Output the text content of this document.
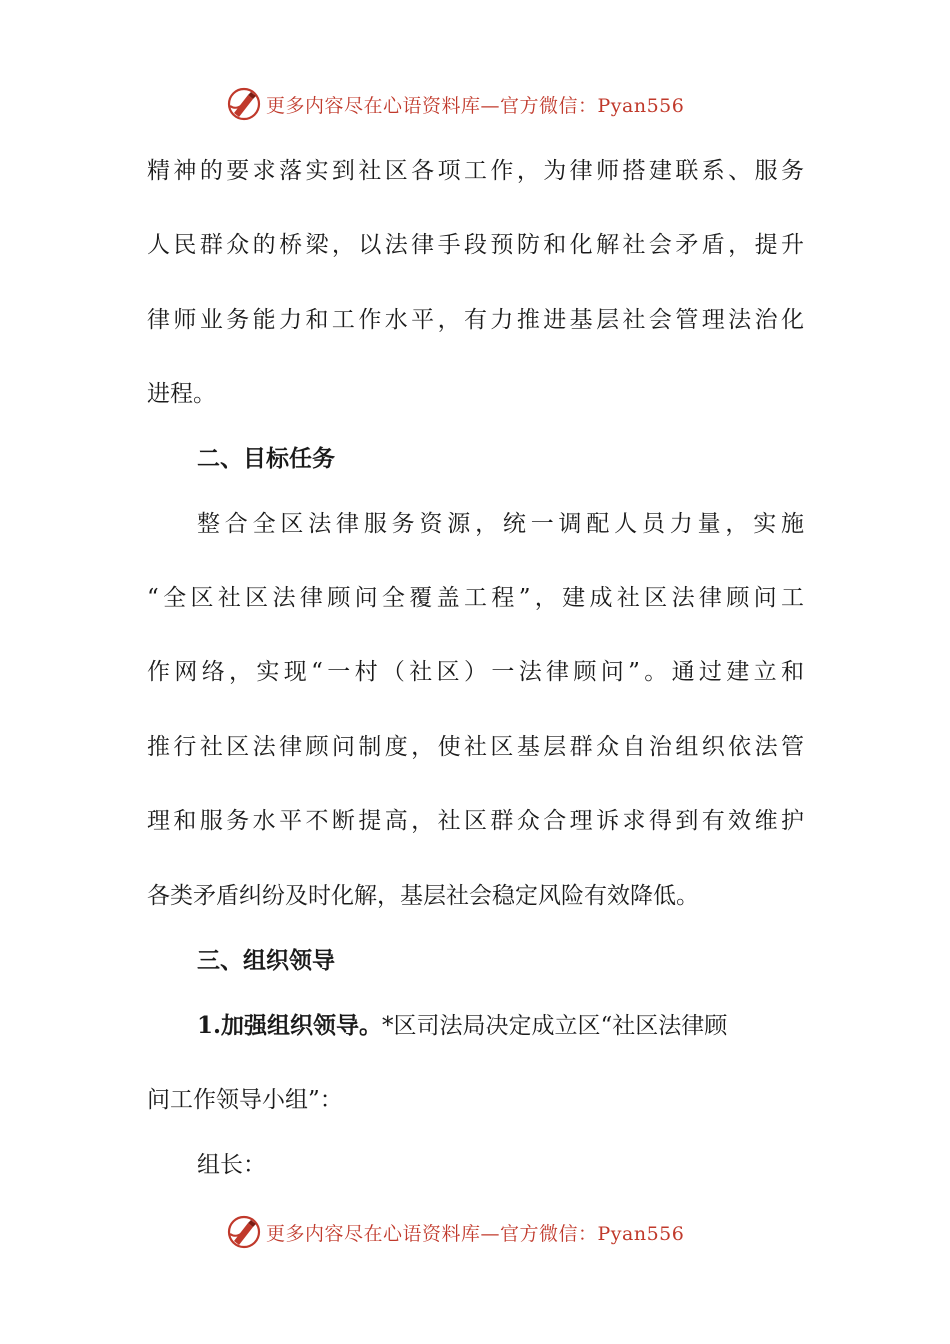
更多内容尽在心语资料库—官方微信：Pyan556
精神的要求落实到社区各项工作，为律师搭建联系、服务
人民群众的桥梁，以法律手段预防和化解社会矛盾，提升
律师业务能力和工作水平，有力推进基层社会管理法治化
进程。
二、目标任务
整合全区法律服务资源，统一调配人员力量，实施
“全区社区法律顾问全覆盖工程”，建成社区法律顾问工
作网络，实现“一村（社区）一法律顾问”。通过建立和
推行社区法律顾问制度，使社区基层群众自治组织依法管
理和服务水平不断提高，社区群众合理诉求得到有效维护
各类矛盾纠纷及时化解，基层社会稳定风险有效降低。
三、组织领导
1.加强组织领导。*区司法局决定成立区“社区法律顾
问工作领导小组”：
组长：
更多内容尽在心语资料库—官方微信：Pyan556
